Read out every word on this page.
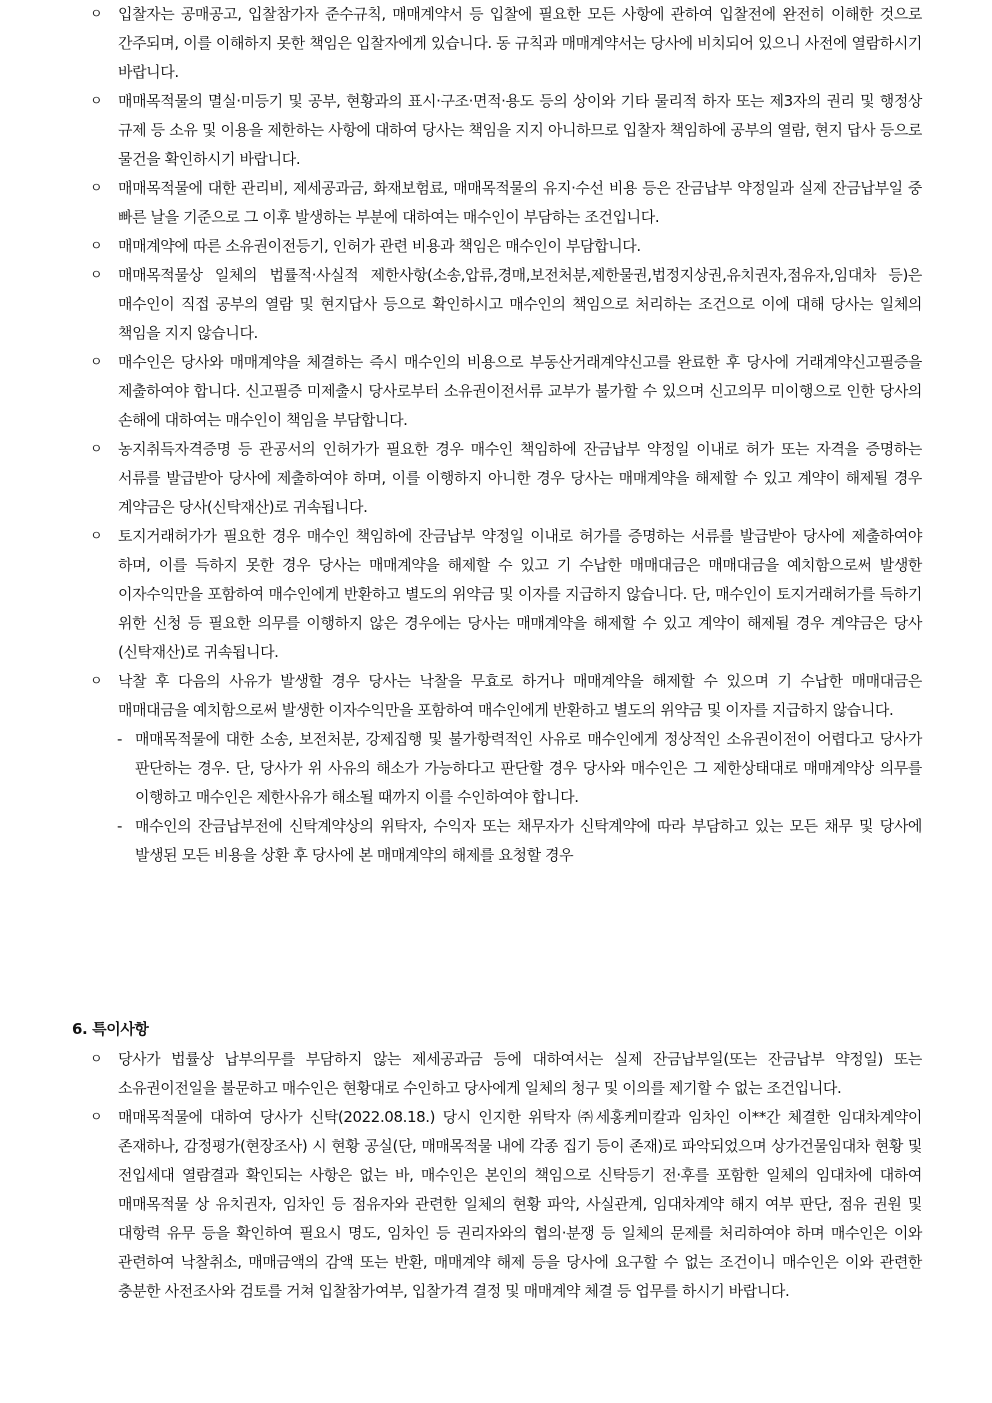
ㅇ 입찰자는 공매공고, 입찰참가자 준수규칙, 매매계약서 등 입찰에 필요한 모든 사항에 관하여 입찰전에 완전히 이해한 것으로 간주되며, 이를 이해하지 못한 책임은 입찰자에게 있습니다. 동 규칙과 매매계약서는 당사에 비치되어 있으니 사전에 열람하시기 바랍니다.
ㅇ 매매목적물의 멸실·미등기 및 공부, 현황과의 표시·구조·면적·용도 등의 상이와 기타 물리적 하자 또는 제3자의 권리 및 행정상 규제 등 소유 및 이용을 제한하는 사항에 대하여 당사는 책임을 지지 아니하므로 입찰자 책임하에 공부의 열람, 현지 답사 등으로 물건을 확인하시기 바랍니다.
ㅇ 매매목적물에 대한 관리비, 제세공과금, 화재보험료, 매매목적물의 유지·수선 비용 등은 잔금납부 약정일과 실제 잔금납부일 중 빠른 날을 기준으로 그 이후 발생하는 부분에 대하여는 매수인이 부담하는 조건입니다.
ㅇ 매매계약에 따른 소유권이전등기, 인허가 관련 비용과 책임은 매수인이 부담합니다.
ㅇ 매매목적물상 일체의 법률적·사실적 제한사항(소송,압류,경매,보전처분,제한물권,법정지상권,유치권자,점유자,임대차 등)은 매수인이 직접 공부의 열람 및 현지답사 등으로 확인하시고 매수인의 책임으로 처리하는 조건으로 이에 대해 당사는 일체의 책임을 지지 않습니다.
ㅇ 매수인은 당사와 매매계약을 체결하는 즉시 매수인의 비용으로 부동산거래계약신고를 완료한 후 당사에 거래계약신고필증을 제출하여야 합니다. 신고필증 미제출시 당사로부터 소유권이전서류 교부가 불가할 수 있으며 신고의무 미이행으로 인한 당사의 손해에 대하여는 매수인이 책임을 부담합니다.
ㅇ 농지취득자격증명 등 관공서의 인허가가 필요한 경우 매수인 책임하에 잔금납부 약정일 이내로 허가 또는 자격을 증명하는 서류를 발급받아 당사에 제출하여야 하며, 이를 이행하지 아니한 경우 당사는 매매계약을 해제할 수 있고 계약이 해제될 경우 계약금은 당사(신탁재산)로 귀속됩니다.
ㅇ 토지거래허가가 필요한 경우 매수인 책임하에 잔금납부 약정일 이내로 허가를 증명하는 서류를 발급받아 당사에 제출하여야 하며, 이를 득하지 못한 경우 당사는 매매계약을 해제할 수 있고 기 수납한 매매대금은 매매대금을 예치함으로써 발생한 이자수익만을 포함하여 매수인에게 반환하고 별도의 위약금 및 이자를 지급하지 않습니다. 단, 매수인이 토지거래허가를 득하기 위한 신청 등 필요한 의무를 이행하지 않은 경우에는 당사는 매매계약을 해제할 수 있고 계약이 해제될 경우 계약금은 당사(신탁재산)로 귀속됩니다.
ㅇ 낙찰 후 다음의 사유가 발생할 경우 당사는 낙찰을 무효로 하거나 매매계약을 해제할 수 있으며 기 수납한 매매대금은 매매대금을 예치함으로써 발생한 이자수익만을 포함하여 매수인에게 반환하고 별도의 위약금 및 이자를 지급하지 않습니다.
- 매매목적물에 대한 소송, 보전처분, 강제집행 및 불가항력적인 사유로 매수인에게 정상적인 소유권이전이 어렵다고 당사가 판단하는 경우. 단, 당사가 위 사유의 해소가 가능하다고 판단할 경우 당사와 매수인은 그 제한상태대로 매매계약상 의무를 이행하고 매수인은 제한사유가 해소될 때까지 이를 수인하여야 합니다.
- 매수인의 잔금납부전에 신탁계약상의 위탁자, 수익자 또는 채무자가 신탁계약에 따라 부담하고 있는 모든 채무 및 당사에 발생된 모든 비용을 상환 후 당사에 본 매매계약의 해제를 요청할 경우
6. 특이사항
ㅇ 당사가 법률상 납부의무를 부담하지 않는 제세공과금 등에 대하여서는 실제 잔금납부일(또는 잔금납부 약정일) 또는 소유권이전일을 불문하고 매수인은 현황대로 수인하고 당사에게 일체의 청구 및 이의를 제기할 수 없는 조건입니다.
ㅇ 매매목적물에 대하여 당사가 신탁(2022.08.18.) 당시 인지한 위탁자 ㈜세홍케미칼과 임차인 이**간 체결한 임대차계약이 존재하나, 감정평가(현장조사) 시 현황 공실(단, 매매목적물 내에 각종 집기 등이 존재)로 파악되었으며 상가건물임대차 현황 및 전입세대 열람결과 확인되는 사항은 없는 바, 매수인은 본인의 책임으로 신탁등기 전·후를 포함한 일체의 임대차에 대하여 매매목적물 상 유치권자, 임차인 등 점유자와 관련한 일체의 현황 파악, 사실관계, 임대차계약 해지 여부 판단, 점유 권원 및 대항력 유무 등을 확인하여 필요시 명도, 임차인 등 권리자와의 협의·분쟁 등 일체의 문제를 처리하여야 하며 매수인은 이와 관련하여 낙찰취소, 매매금액의 감액 또는 반환, 매매계약 해제 등을 당사에 요구할 수 없는 조건이니 매수인은 이와 관련한 충분한 사전조사와 검토를 거쳐 입찰참가여부, 입찰가격 결정 및 매매계약 체결 등 업무를 하시기 바랍니다.
